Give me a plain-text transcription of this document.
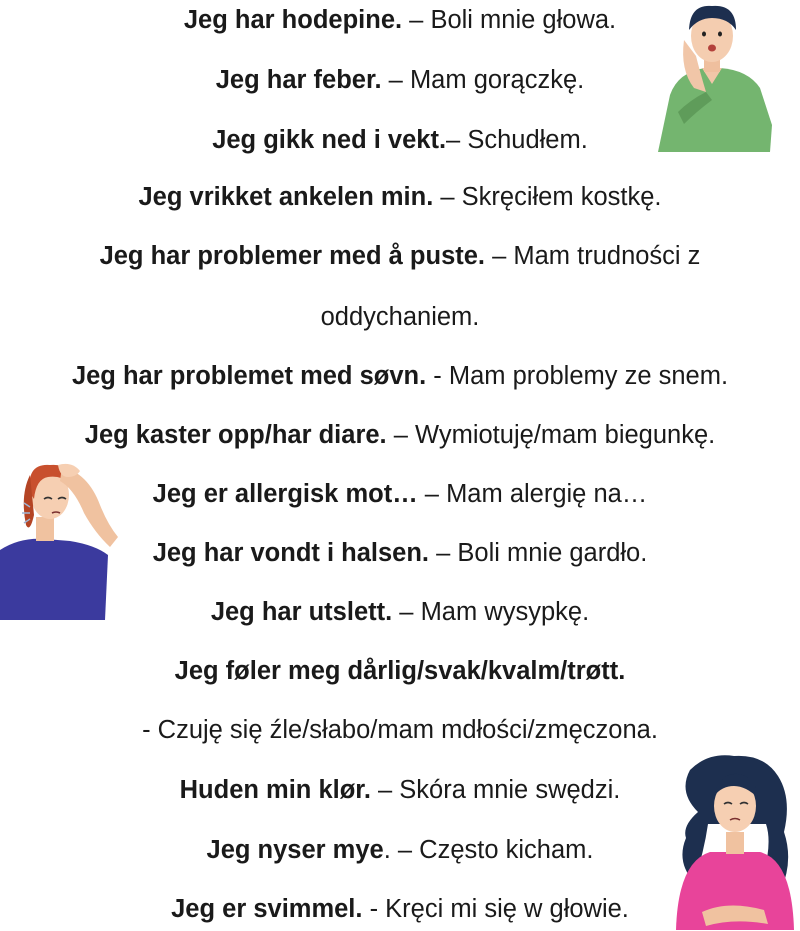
Jeg har hodepine. – Boli mnie głowa.
Jeg har feber. – Mam gorączkę.
Jeg gikk ned i vekt.– Schudłem.
Jeg vrikket ankelen min. – Skręciłem kostkę.
Jeg har problemer med å puste. – Mam trudności z
oddychaniem.
Jeg har problemet med søvn. - Mam problemy ze snem.
Jeg kaster opp/har diare. – Wymiotuję/mam biegunkę.
Jeg er allergisk mot… – Mam alergię na…
Jeg har vondt i halsen. – Boli mnie gardło.
Jeg har utslett. – Mam wysypkę.
Jeg føler meg dårlig/svak/kvalm/trøtt.
- Czuję się źle/słabo/mam mdłości/zmęczona.
Huden min klør. – Skóra mnie swędzi.
Jeg nyser mye. – Często kicham.
Jeg er svimmel. - Kręci mi się w głowie.
